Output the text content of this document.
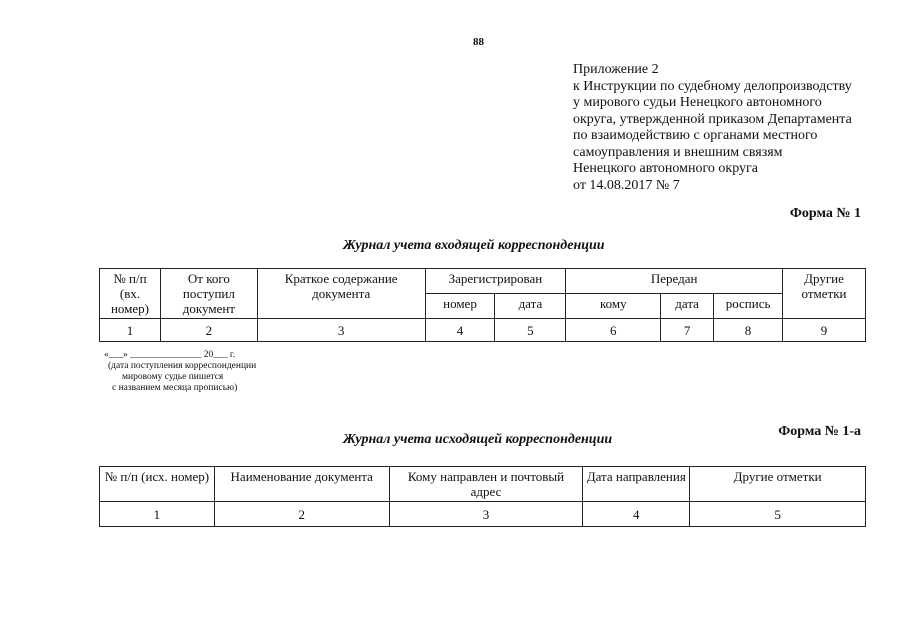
88
Приложение 2
к Инструкции по судебному делопроизводству
у мирового судьи Ненецкого автономного
округа, утвержденной приказом Департамента
по взаимодействию с органами местного
самоуправления и внешним связям
Ненецкого автономного округа
от 14.08.2017 № 7
Форма № 1
Журнал учета входящей корреспонденции
№ п/п (вх. номер)	От кого поступил документ	Краткое содержание документа	Зарегистрирован		Передан			Другие отметки
			номер	дата	кому	дата	роспись	
1	2	3	4	5	6	7	8	9
«___» _______________ 20___ г.
(дата поступления корреспонденции
мировому судье пишется
с названием месяца прописью)
Форма № 1-а
Журнал учета исходящей корреспонденции
№ п/п (исх. номер)	Наименование документа	Кому направлен и почтовый адрес	Дата направления	Другие отметки
1	2	3	4	5
